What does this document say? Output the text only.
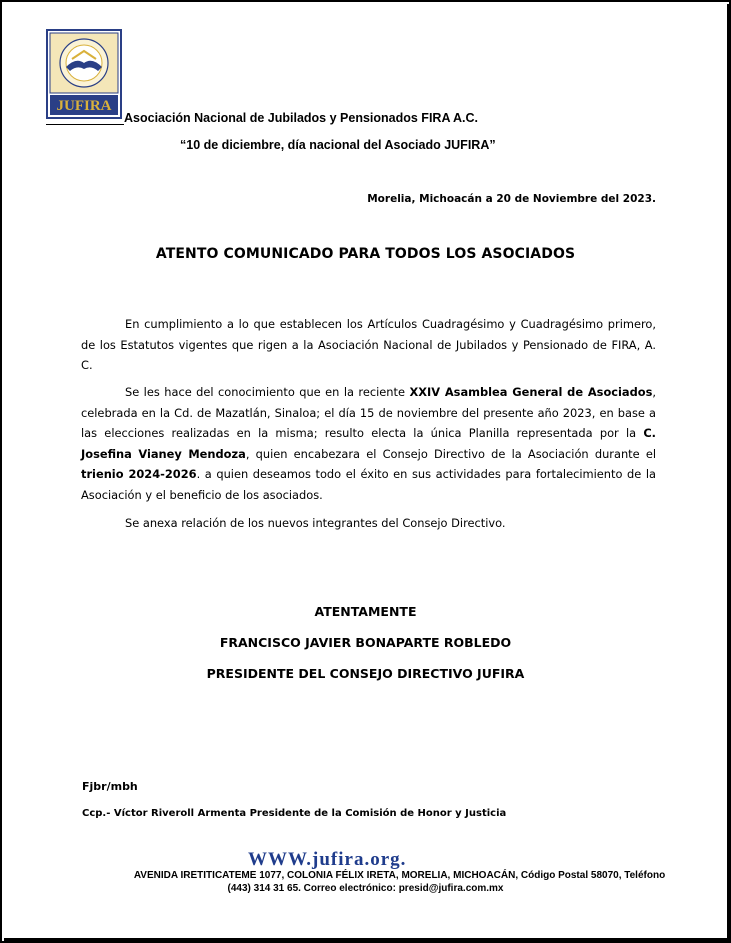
JUFIRA
Asociación Nacional de Jubilados y Pensionados FIRA A.C.
“10 de diciembre, día nacional del Asociado JUFIRA”
Morelia, Michoacán a 20 de Noviembre del 2023.
ATENTO COMUNICADO PARA TODOS LOS ASOCIADOS
En cumplimiento a lo que establecen los Artículos Cuadragésimo y Cuadragésimo primero, de los Estatutos vigentes que rigen a la Asociación Nacional de Jubilados y Pensionado de FIRA, A. C.
Se les hace del conocimiento que en la reciente XXIV Asamblea General de Asociados, celebrada en la Cd. de Mazatlán, Sinaloa; el día 15 de noviembre del presente año 2023, en base a las elecciones realizadas en la misma; resulto electa la única Planilla representada por la C. Josefina Vianey Mendoza, quien encabezara el Consejo Directivo de la Asociación durante el trienio 2024-2026. a quien deseamos todo el éxito en sus actividades para fortalecimiento de la Asociación y el beneficio de los asociados.
Se anexa relación de los nuevos integrantes del Consejo Directivo.
ATENTAMENTE
FRANCISCO JAVIER BONAPARTE ROBLEDO
PRESIDENTE DEL CONSEJO DIRECTIVO JUFIRA
Fjbr/mbh
Ccp.- Víctor Riveroll Armenta Presidente de la Comisión de Honor y Justicia
WWW.jufira.org.
AVENIDA IRETITICATEME 1077, COLONIA FÉLIX IRETA, MORELIA, MICHOACÁN, Código Postal 58070, Teléfono
(443) 314 31 65. Correo electrónico: presid@jufira.com.mx
